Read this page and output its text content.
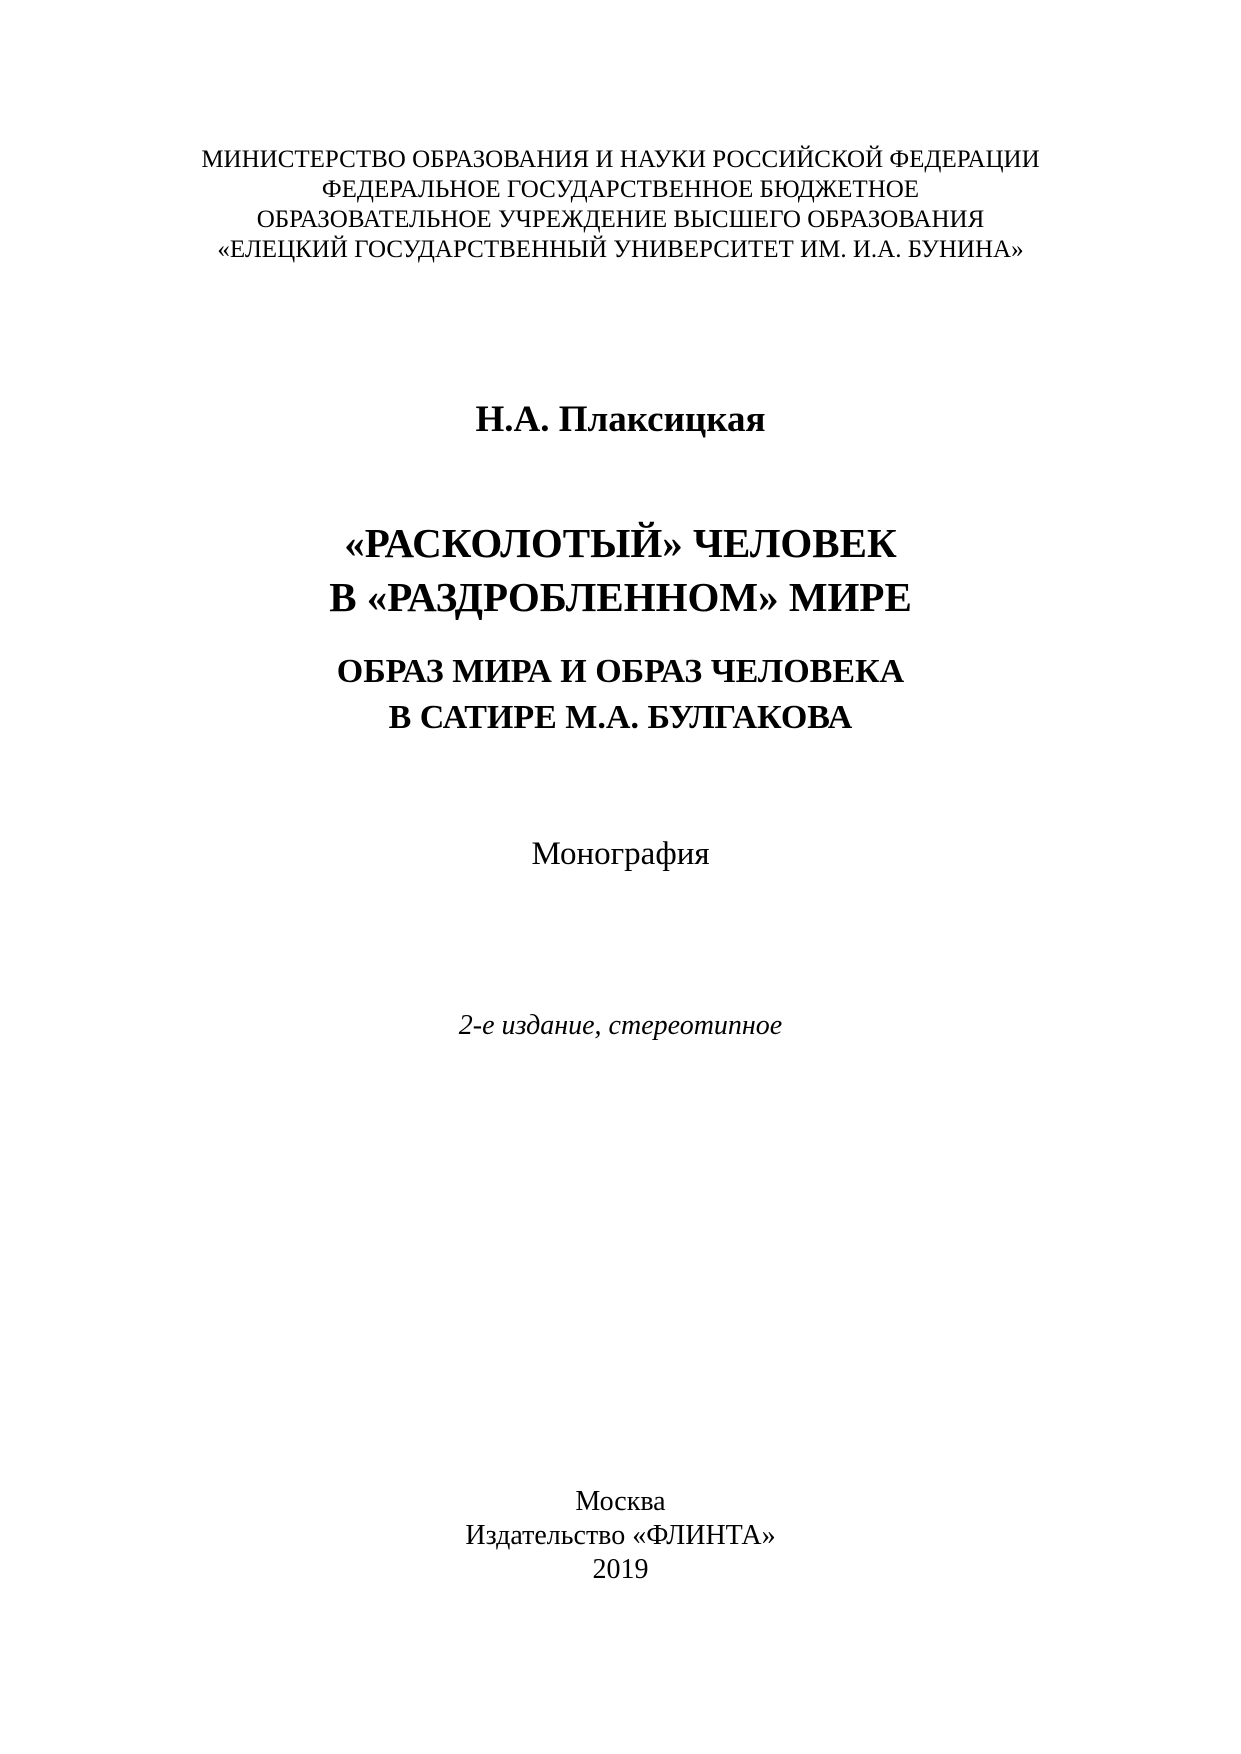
МИНИСТЕРСТВО ОБРАЗОВАНИЯ И НАУКИ РОССИЙСКОЙ ФЕДЕРАЦИИ
ФЕДЕРАЛЬНОЕ ГОСУДАРСТВЕННОЕ БЮДЖЕТНОЕ
ОБРАЗОВАТЕЛЬНОЕ УЧРЕЖДЕНИЕ ВЫСШЕГО ОБРАЗОВАНИЯ
«ЕЛЕЦКИЙ ГОСУДАРСТВЕННЫЙ УНИВЕРСИТЕТ ИМ. И.А. БУНИНА»
Н.А. Плаксицкая
«РАСКОЛОТЫЙ» ЧЕЛОВЕК
В «РАЗДРОБЛЕННОМ» МИРЕ
ОБРАЗ МИРА И ОБРАЗ ЧЕЛОВЕКА
В САТИРЕ М.А. БУЛГАКОВА
Монография
2-е издание, стереотипное
Москва
Издательство «ФЛИНТА»
2019
